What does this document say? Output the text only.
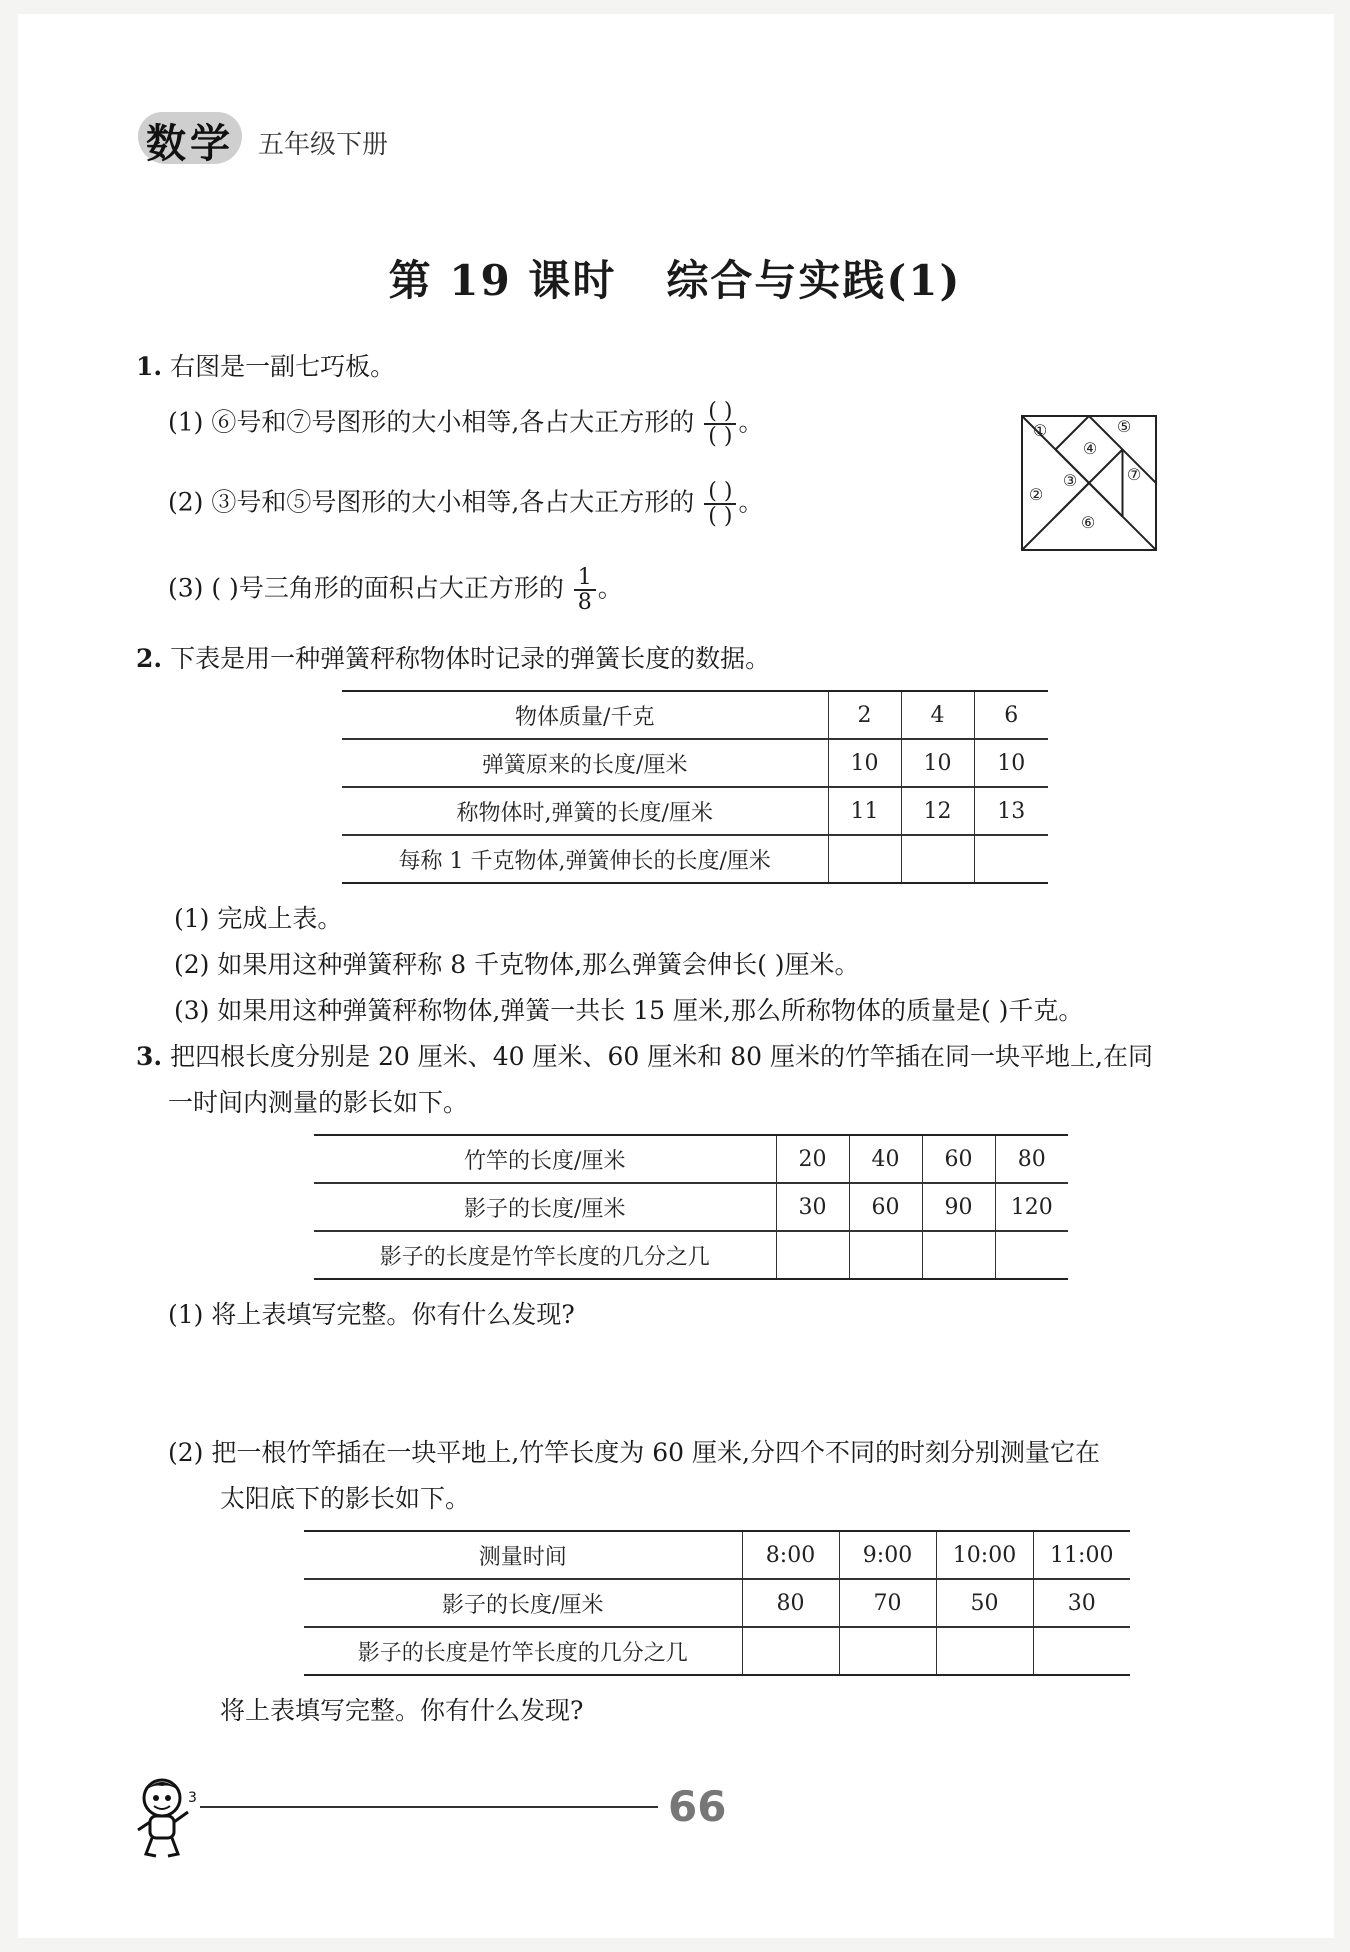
数学 五年级下册
第 19 课时 综合与实践(1)
1. 右图是一副七巧板。
(1) ⑥号和⑦号图形的大小相等,各占大正方形的 $\frac{( )}{( )}$ 。
(2) ③号和⑤号图形的大小相等,各占大正方形的 $\frac{( )}{( )}$ 。
(3) ( )号三角形的面积占大正方形的 $\frac{1}{8}$ 。
①
②
③
④
⑤
⑥
⑦
2. 下表是用一种弹簧秤称物体时记录的弹簧长度的数据。
物体质量/千克	2	4	6
弹簧原来的长度/厘米	10	10	10
称物体时,弹簧的长度/厘米	11	12	13
每称 1 千克物体,弹簧伸长的长度/厘米			
(1) 完成上表。
(2) 如果用这种弹簧秤称 8 千克物体,那么弹簧会伸长( )厘米。
(3) 如果用这种弹簧秤称物体,弹簧一共长 15 厘米,那么所称物体的质量是( )千克。
3. 把四根长度分别是 20 厘米、40 厘米、60 厘米和 80 厘米的竹竿插在同一块平地上,在同
一时间内测量的影长如下。
竹竿的长度/厘米	20	40	60	80
影子的长度/厘米	30	60	90	120
影子的长度是竹竿长度的几分之几				
(1) 将上表填写完整。你有什么发现?
(2) 把一根竹竿插在一块平地上,竹竿长度为 60 厘米,分四个不同的时刻分别测量它在
太阳底下的影长如下。
测量时间	8:00	9:00	10:00	11:00
影子的长度/厘米	80	70	50	30
影子的长度是竹竿长度的几分之几				
将上表填写完整。你有什么发现?
3	66
